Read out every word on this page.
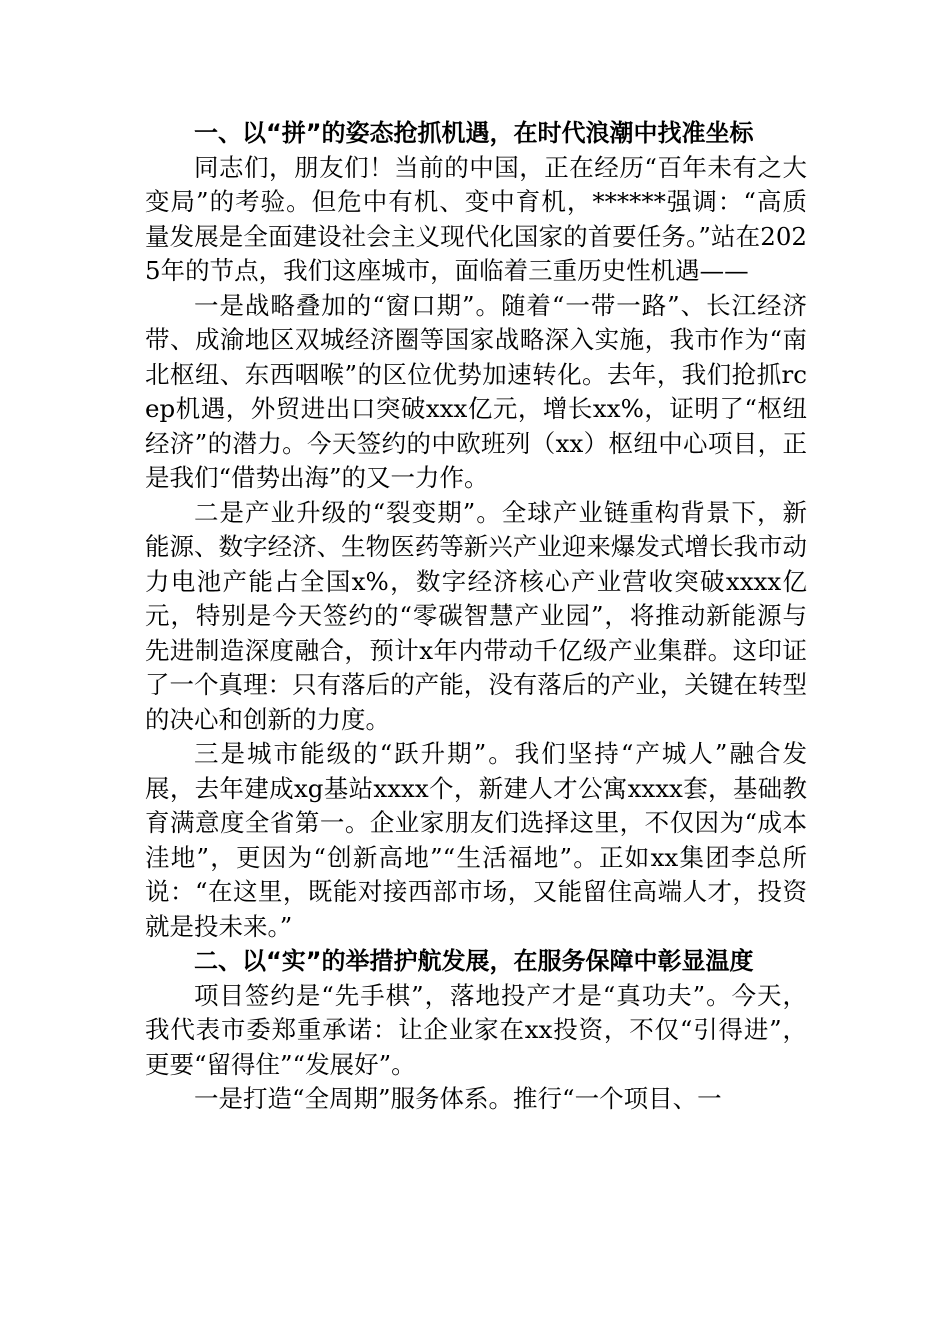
一、以“拼”的姿态抢抓机遇，在时代浪潮中找准坐标

同志们，朋友们！当前的中国，正在经历“百年未有之大变局”的考验。但危中有机、变中育机，******强调：“高质量发展是全面建设社会主义现代化国家的首要任务。”站在2025年的节点，我们这座城市，面临着三重历史性机遇——

一是战略叠加的“窗口期”。随着“一带一路”、长江经济带、成渝地区双城经济圈等国家战略深入实施，我市作为“南北枢纽、东西咽喉”的区位优势加速转化。去年，我们抢抓rcep机遇，外贸进出口突破xxx亿元，增长xx%，证明了“枢纽经济”的潜力。今天签约的中欧班列（xx）枢纽中心项目，正是我们“借势出海”的又一力作。

二是产业升级的“裂变期”。全球产业链重构背景下，新能源、数字经济、生物医药等新兴产业迎来爆发式增长我市动力电池产能占全国x%，数字经济核心产业营收突破xxxx亿元，特别是今天签约的“零碳智慧产业园”，将推动新能源与先进制造深度融合，预计x年内带动千亿级产业集群。这印证了一个真理：只有落后的产能，没有落后的产业，关键在转型的决心和创新的力度。

三是城市能级的“跃升期”。我们坚持“产城人”融合发展，去年建成xg基站xxxx个，新建人才公寓xxxx套，基础教育满意度全省第一。企业家朋友们选择这里，不仅因为“成本洼地”，更因为“创新高地”“生活福地”。正如xx集团李总所说：“在这里，既能对接西部市场，又能留住高端人才，投资就是投未来。”

二、以“实”的举措护航发展，在服务保障中彰显温度

项目签约是“先手棋”，落地投产才是“真功夫”。今天，我代表市委郑重承诺：让企业家在xx投资，不仅“引得进”，更要“留得住”“发展好”。

一是打造“全周期”服务体系。推行“一个项目、一
